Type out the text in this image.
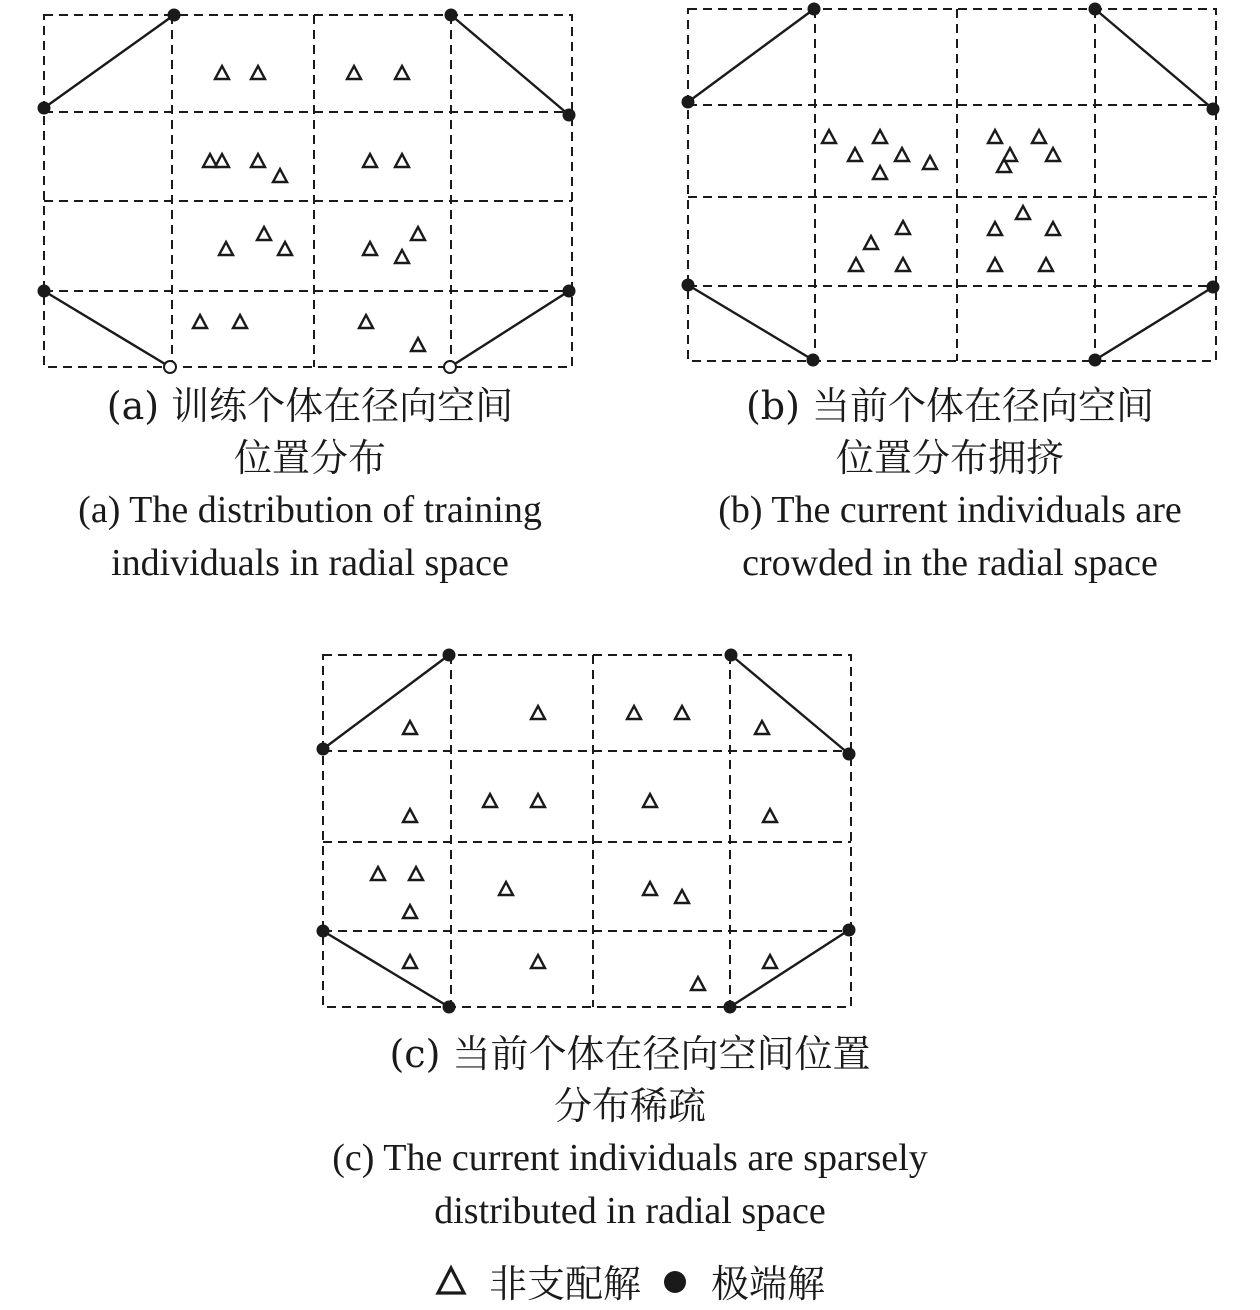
(a) 训练个体在径向空间
位置分布
(a) The distribution of training
individuals in radial space
(b) 当前个体在径向空间
位置分布拥挤
(b) The current individuals are
crowded in the radial space
(c) 当前个体在径向空间位置
分布稀疏
(c) The current individuals are sparsely
distributed in radial space
非支配解 极端解
